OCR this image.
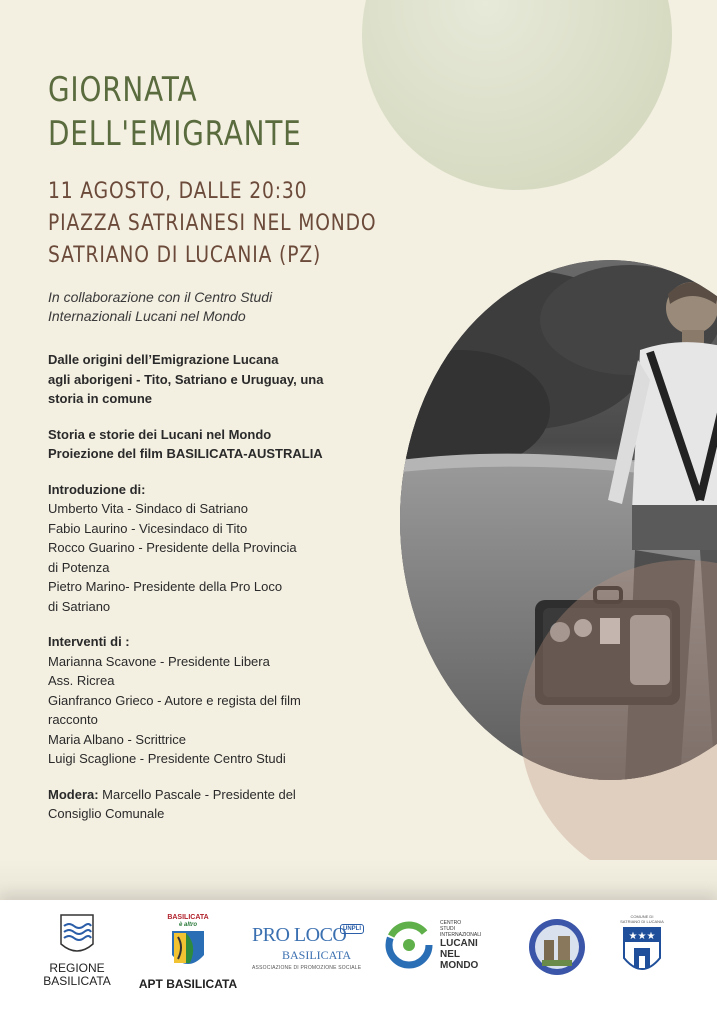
GIORNATA
DELL'EMIGRANTE
11 AGOSTO, DALLE 20:30
PIAZZA SATRIANESI NEL MONDO
SATRIANO DI LUCANIA (PZ)
In collaborazione con il Centro Studi
Internazionali Lucani nel Mondo
Dalle origini dell’Emigrazione Lucana
agli aborigeni - Tito, Satriano e Uruguay, una
storia in comune
Storia e storie dei Lucani nel Mondo
Proiezione del film BASILICATA-AUSTRALIA
Introduzione di:
Umberto Vita - Sindaco di Satriano
Fabio Laurino - Vicesindaco di Tito
Rocco Guarino - Presidente della Provincia
di Potenza
Pietro Marino- Presidente della Pro Loco
di Satriano
Interventi di :
Marianna Scavone - Presidente Libera
Ass. Ricrea
Gianfranco Grieco - Autore e regista del film
racconto
Maria Albano - Scrittrice
Luigi Scaglione - Presidente Centro Studi
Modera: Marcello Pascale - Presidente del
Consiglio Comunale
REGIONE
BASILICATA
BASILICATA
è altro
APT BASILICATA
PRO LOCO
UNPLI
BASILICATA
ASSOCIAZIONE DI PROMOZIONE SOCIALE
CENTRO
STUDI
INTERNAZIONALI
LUCANI
NEL
MONDO
COMUNE DI
SATRIANO DI LUCANIA
★★★
